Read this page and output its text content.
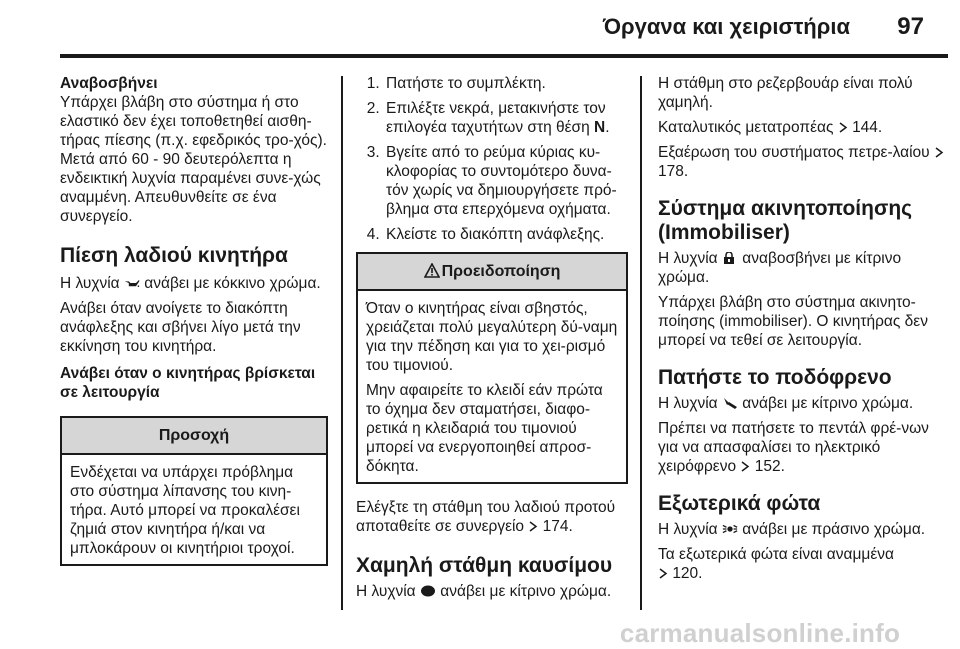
Όργανα και χειριστήρια	97
Αναβοσβήνει

Υπάρχει βλάβη στο σύστημα ή στο ελαστικό δεν έχει τοποθετηθεί αισθη-τήρας πίεσης (π.χ. εφεδρικός τρο-χός). Μετά από 60 - 90 δευτερόλεπτα η ενδεικτική λυχνία παραμένει συνε-χώς αναμμένη. Απευθυνθείτε σε ένα συνεργείο.

Πίεση λαδιού κινητήρα

Η λυχνία ανάβει με κόκκινο χρώμα.

Ανάβει όταν ανοίγετε το διακόπτη ανάφλεξης και σβήνει λίγο μετά την εκκίνηση του κινητήρα.

Ανάβει όταν ο κινητήρας βρίσκεται σε λειτουργία
Προσοχή

Ενδέχεται να υπάρχει πρόβλημα στο σύστημα λίπανσης του κινη-τήρα. Αυτό μπορεί να προκαλέσει ζημιά στον κινητήρα ή/και να μπλοκάρουν οι κινητήριοι τροχοί.

1. Πατήστε το συμπλέκτη.
2. Επιλέξτε νεκρά, μετακινήστε τον επιλογέα ταχυτήτων στη θέση N.
3. Βγείτε από το ρεύμα κύριας κυ-κλοφορίας το συντομότερο δυνα-τόν χωρίς να δημιουργήσετε πρό-βλημα στα επερχόμενα οχήματα.
4. Κλείστε το διακόπτη ανάφλεξης.
Προειδοποίηση

Όταν ο κινητήρας είναι σβηστός, χρειάζεται πολύ μεγαλύτερη δύ-ναμη για την πέδηση και για το χει-ρισμό του τιμονιού.

Μην αφαιρείτε το κλειδί εάν πρώτα το όχημα δεν σταματήσει, διαφο-ρετικά η κλειδαριά του τιμονιού μπορεί να ενεργοποιηθεί απροσ-δόκητα.

Ελέγξτε τη στάθμη του λαδιού προτού αποταθείτε σε συνεργείο 174.

Χαμηλή στάθμη καυσίμου

Η λυχνία ανάβει με κίτρινο χρώμα.

Η στάθμη στο ρεζερβουάρ είναι πολύ χαμηλή.

Καταλυτικός μετατροπέας 144.

Εξαέρωση του συστήματος πετρε-λαίου  178.

Σύστημα ακινητοποίησης (Immobiliser)

Η λυχνία αναβοσβήνει με κίτρινο χρώμα.

Υπάρχει βλάβη στο σύστημα ακινητο-ποίησης (immobiliser). Ο κινητήρας δεν μπορεί να τεθεί σε λειτουργία.

Πατήστε το ποδόφρενο

Η λυχνία ανάβει με κίτρινο χρώμα.

Πρέπει να πατήσετε το πεντάλ φρέ-νων για να απασφαλίσει το ηλεκτρικό χειρόφρενο 152.

Εξωτερικά φώτα

Η λυχνία ανάβει με πράσινο χρώμα.

Τα εξωτερικά φώτα είναι αναμμένα
120.

carmanualsonline.info
